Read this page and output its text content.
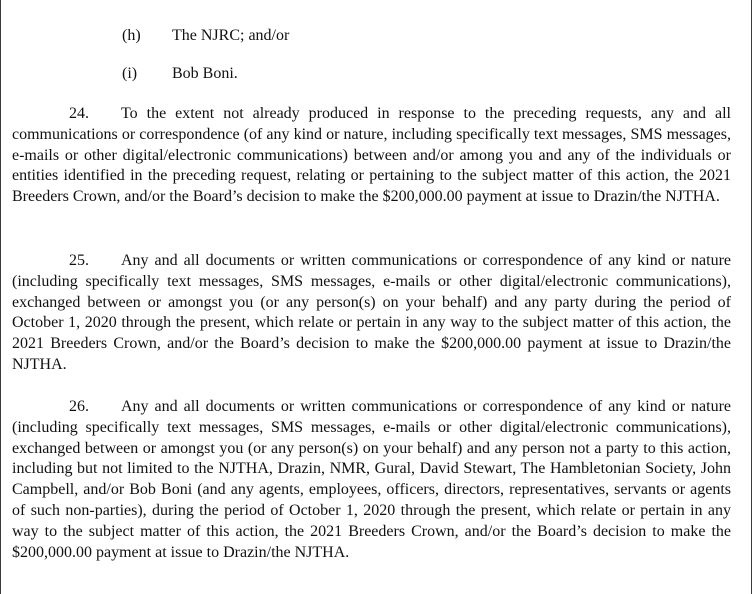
(h) The NJRC; and/or
(i) Bob Boni.

24. To the extent not already produced in response to the preceding requests, any and all communications or correspondence (of any kind or nature, including specifically text messages, SMS messages, e-mails or other digital/electronic communications) between and/or among you and any of the individuals or entities identified in the preceding request, relating or pertaining to the subject matter of this action, the 2021 Breeders Crown, and/or the Board’s decision to make the $200,000.00 payment at issue to Drazin/the NJTHA.

25. Any and all documents or written communications or correspondence of any kind or nature (including specifically text messages, SMS messages, e-mails or other digital/electronic communications), exchanged between or amongst you (or any person(s) on your behalf) and any party during the period of October 1, 2020 through the present, which relate or pertain in any way to the subject matter of this action, the 2021 Breeders Crown, and/or the Board’s decision to make the $200,000.00 payment at issue to Drazin/the NJTHA.

26. Any and all documents or written communications or correspondence of any kind or nature (including specifically text messages, SMS messages, e-mails or other digital/electronic communications), exchanged between or amongst you (or any person(s) on your behalf) and any person not a party to this action, including but not limited to the NJTHA, Drazin, NMR, Gural, David Stewart, The Hambletonian Society, John Campbell, and/or Bob Boni (and any agents, employees, officers, directors, representatives, servants or agents of such non-parties), during the period of October 1, 2020 through the present, which relate or pertain in any way to the subject matter of this action, the 2021 Breeders Crown, and/or the Board’s decision to make the $200,000.00 payment at issue to Drazin/the NJTHA.
